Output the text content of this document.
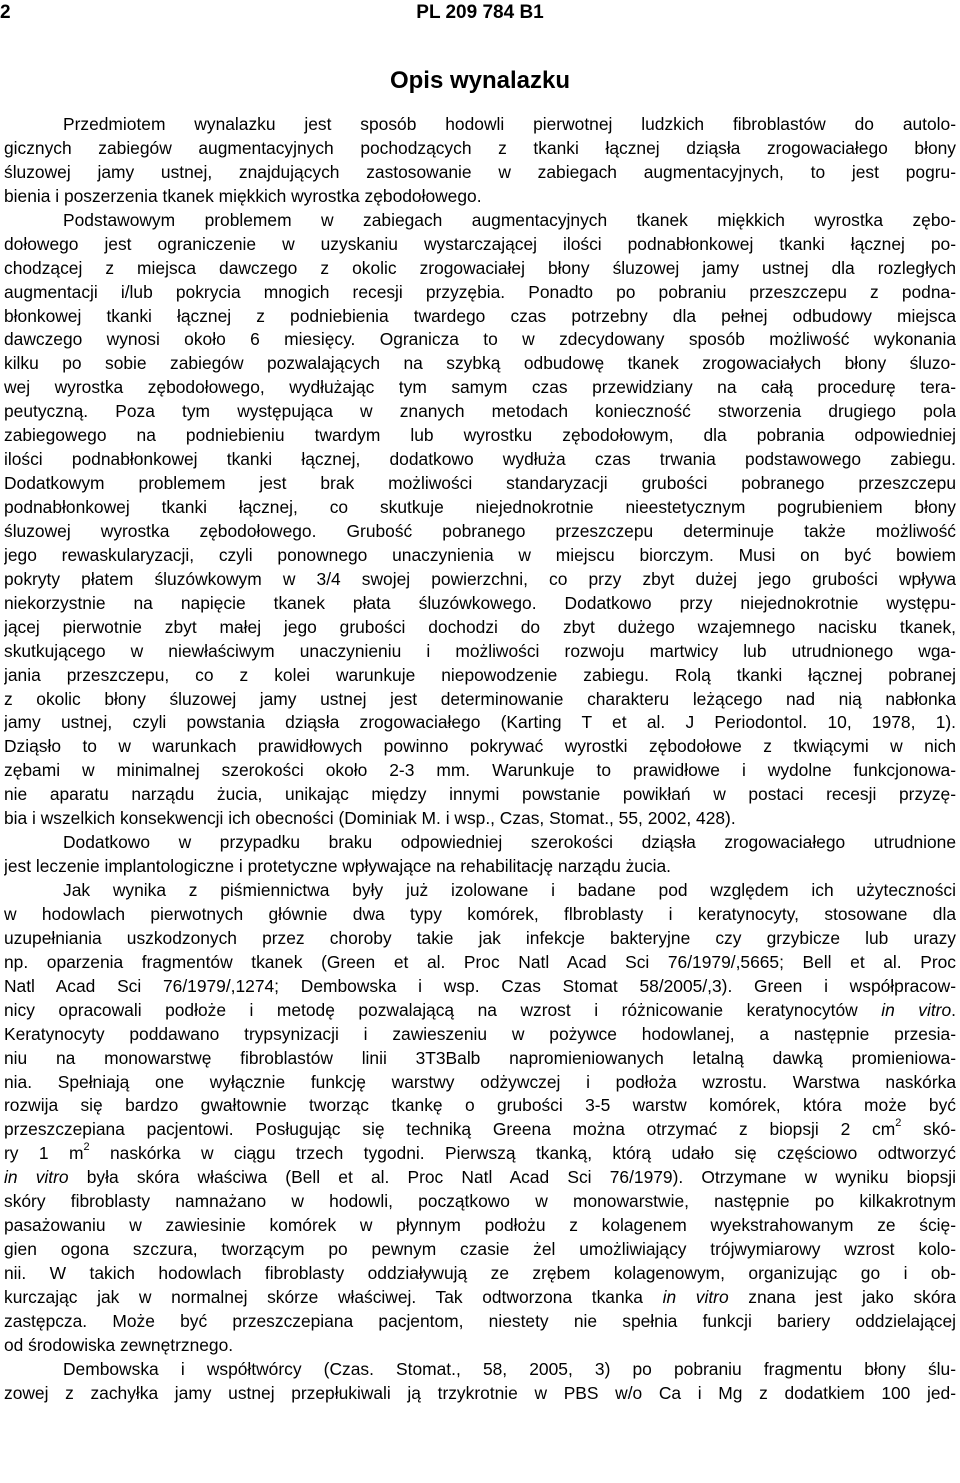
2	PL 209 784 B1
Opis wynalazku
Przedmiotem wynalazku jest sposób hodowli pierwotnej ludzkich fibroblastów do autolo-
gicznych zabiegów augmentacyjnych pochodzących z tkanki łącznej dziąsła zrogowaciałego błony
śluzowej jamy ustnej, znajdujących zastosowanie w zabiegach augmentacyjnych, to jest pogru-
bienia i poszerzenia tkanek miękkich wyrostka zębodołowego.
Podstawowym problemem w zabiegach augmentacyjnych tkanek miękkich wyrostka zębo-
dołowego jest ograniczenie w uzyskaniu wystarczającej ilości podnabłonkowej tkanki łącznej po-
chodzącej z miejsca dawczego z okolic zrogowaciałej błony śluzowej jamy ustnej dla rozległych
augmentacji i/lub pokrycia mnogich recesji przyzębia. Ponadto po pobraniu przeszczepu z podna-
błonkowej tkanki łącznej z podniebienia twardego czas potrzebny dla pełnej odbudowy miejsca
dawczego wynosi około 6 miesięcy. Ogranicza to w zdecydowany sposób możliwość wykonania
kilku po sobie zabiegów pozwalających na szybką odbudowę tkanek zrogowaciałych błony śluzo-
wej wyrostka zębodołowego, wydłużając tym samym czas przewidziany na całą procedurę tera-
peutyczną. Poza tym występująca w znanych metodach konieczność stworzenia drugiego pola
zabiegowego na podniebieniu twardym lub wyrostku zębodołowym, dla pobrania odpowiedniej
ilości podnabłonkowej tkanki łącznej, dodatkowo wydłuża czas trwania podstawowego zabiegu.
Dodatkowym problemem jest brak możliwości standaryzacji grubości pobranego przeszczepu
podnabłonkowej tkanki łącznej, co skutkuje niejednokrotnie nieestetycznym pogrubieniem błony
śluzowej wyrostka zębodołowego. Grubość pobranego przeszczepu determinuje także możliwość
jego rewaskularyzacji, czyli ponownego unaczynienia w miejscu biorczym. Musi on być bowiem
pokryty płatem śluzówkowym w 3/4 swojej powierzchni, co przy zbyt dużej jego grubości wpływa
niekorzystnie na napięcie tkanek płata śluzówkowego. Dodatkowo przy niejednokrotnie występu-
jącej pierwotnie zbyt małej jego grubości dochodzi do zbyt dużego wzajemnego nacisku tkanek,
skutkującego w niewłaściwym unaczynieniu i możliwości rozwoju martwicy lub utrudnionego wga-
jania przeszczepu, co z kolei warunkuje niepowodzenie zabiegu. Rolą tkanki łącznej pobranej
z okolic błony śluzowej jamy ustnej jest determinowanie charakteru leżącego nad nią nabłonka
jamy ustnej, czyli powstania dziąsła zrogowaciałego (Karting T et al. J Periodontol. 10, 1978, 1).
Dziąsło to w warunkach prawidłowych powinno pokrywać wyrostki zębodołowe z tkwiącymi w nich
zębami w minimalnej szerokości około 2-3 mm. Warunkuje to prawidłowe i wydolne funkcjonowa-
nie aparatu narządu żucia, unikając między innymi powstanie powikłań w postaci recesji przyzę-
bia i wszelkich konsekwencji ich obecności (Dominiak M. i wsp., Czas, Stomat., 55, 2002, 428).
Dodatkowo w przypadku braku odpowiedniej szerokości dziąsła zrogowaciałego utrudnione
jest leczenie implantologiczne i protetyczne wpływające na rehabilitację narządu żucia.
Jak wynika z piśmiennictwa były już izolowane i badane pod względem ich użyteczności
w hodowlach pierwotnych głównie dwa typy komórek, flbroblasty i keratynocyty, stosowane dla
uzupełniania uszkodzonych przez choroby takie jak infekcje bakteryjne czy grzybicze lub urazy
np. oparzenia fragmentów tkanek (Green et al. Proc Natl Acad Sci 76/1979/,5665; Bell et al. Proc
Natl Acad Sci 76/1979/,1274; Dembowska i wsp. Czas Stomat 58/2005/,3). Green i współpracow-
nicy opracowali podłoże i metodę pozwalającą na wzrost i różnicowanie keratynocytów in vitro.
Keratynocyty poddawano trypsynizacji i zawieszeniu w pożywce hodowlanej, a następnie przesia-
niu na monowarstwę fibroblastów linii 3T3Balb napromieniowanych letalną dawką promieniowa-
nia. Spełniają one wyłącznie funkcję warstwy odżywczej i podłoża wzrostu. Warstwa naskórka
rozwija się bardzo gwałtownie tworząc tkankę o grubości 3-5 warstw komórek, która może być
przeszczepiana pacjentowi. Posługując się techniką Greena można otrzymać z biopsji 2 $cm^2$ skó-
ry 1 $m^2$ naskórka w ciągu trzech tygodni. Pierwszą tkanką, którą udało się częściowo odtworzyć
in vitro była skóra właściwa (Bell et al. Proc Natl Acad Sci 76/1979). Otrzymane w wyniku biopsji
skóry fibroblasty namnażano w hodowli, początkowo w monowarstwie, następnie po kilkakrotnym
pasażowaniu w zawiesinie komórek w płynnym podłożu z kolagenem wyekstrahowanym ze ścię-
gien ogona szczura, tworzącym po pewnym czasie żel umożliwiający trójwymiarowy wzrost kolo-
nii. W takich hodowlach fibroblasty oddziaływują ze zrębem kolagenowym, organizując go i ob-
kurczając jak w normalnej skórze właściwej. Tak odtworzona tkanka in vitro znana jest jako skóra
zastępcza. Może być przeszczepiana pacjentom, niestety nie spełnia funkcji bariery oddzielającej
od środowiska zewnętrznego.
Dembowska i współtwórcy (Czas. Stomat., 58, 2005, 3) po pobraniu fragmentu błony ślu-
zowej z zachyłka jamy ustnej przepłukiwali ją trzykrotnie w PBS w/o Ca i Mg z dodatkiem 100 jed-
